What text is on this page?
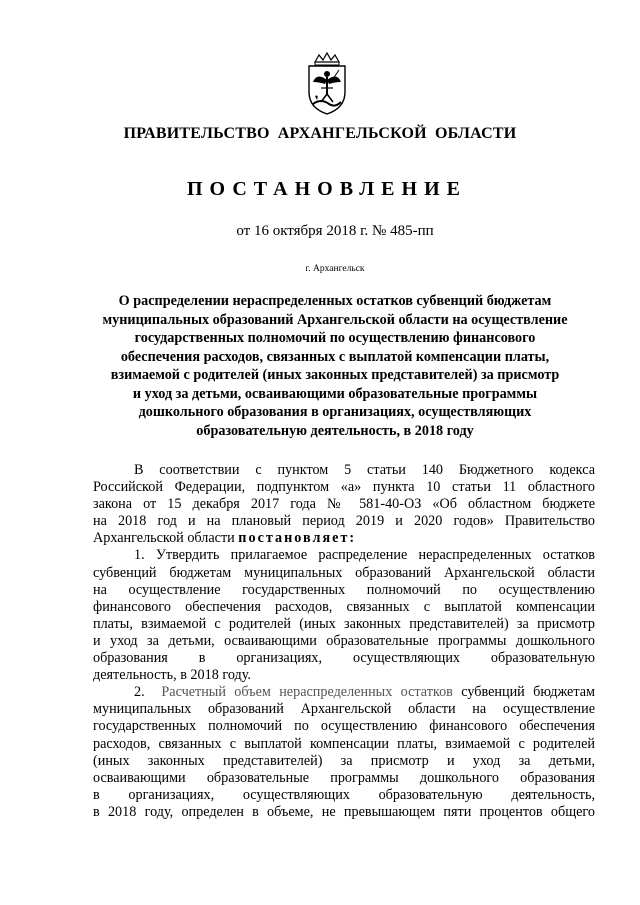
ПРАВИТЕЛЬСТВО АРХАНГЕЛЬСКОЙ ОБЛАСТИ
ПОСТАНОВЛЕНИЕ
от 16 октября 2018 г. № 485-пп
г. Архангельск
О распределении нераспределенных остатков субвенций бюджетам
муниципальных образований Архангельской области на осуществление
государственных полномочий по осуществлению финансового
обеспечения расходов, связанных с выплатой компенсации платы,
взимаемой с родителей (иных законных представителей) за присмотр
и уход за детьми, осваивающими образовательные программы
дошкольного образования в организациях, осуществляющих
образовательную деятельность, в 2018 году
В соответствии с пунктом 5 статьи 140 Бюджетного кодекса
Российской Федерации, подпунктом «а» пункта 10 статьи 11 областного
закона от 15 декабря 2017 года № 581-40-ОЗ «Об областном бюджете
на 2018 год и на плановый период 2019 и 2020 годов» Правительство
Архангельской области постановляет:
1. Утвердить прилагаемое распределение нераспределенных остатков
субвенций бюджетам муниципальных образований Архангельской области
на осуществление государственных полномочий по осуществлению
финансового обеспечения расходов, связанных с выплатой компенсации
платы, взимаемой с родителей (иных законных представителей) за присмотр
и уход за детьми, осваивающими образовательные программы дошкольного
образования в организациях, осуществляющих образовательную
деятельность, в 2018 году.
2. Расчетный объем нераспределенных остатков субвенций бюджетам
муниципальных образований Архангельской области на осуществление
государственных полномочий по осуществлению финансового обеспечения
расходов, связанных с выплатой компенсации платы, взимаемой с родителей
(иных законных представителей) за присмотр и уход за детьми,
осваивающими образовательные программы дошкольного образования
в организациях, осуществляющих образовательную деятельность,
в 2018 году, определен в объеме, не превышающем пяти процентов общего
